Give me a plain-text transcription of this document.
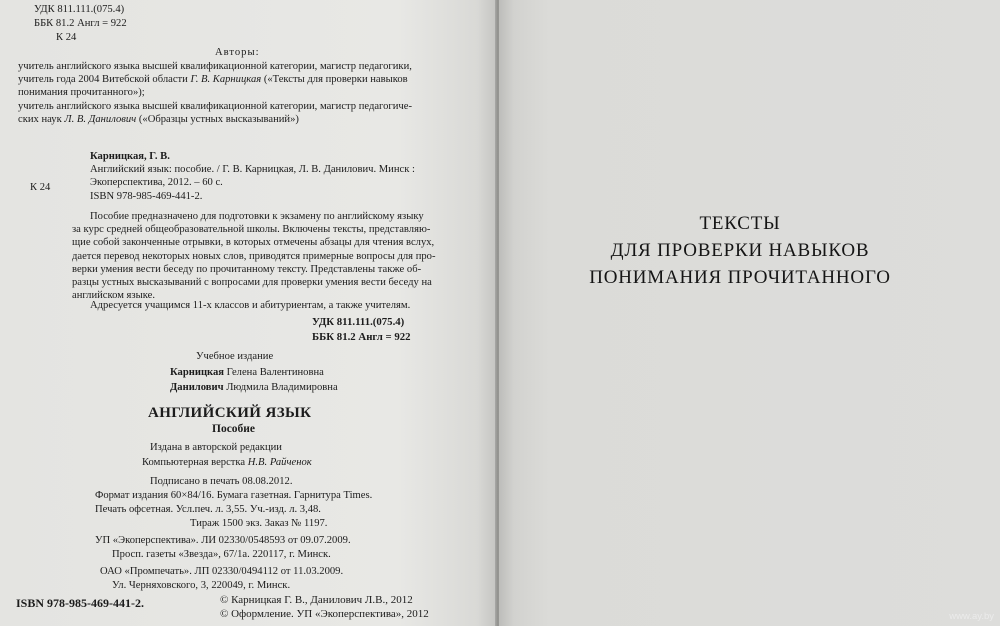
УДК 811.111.(075.4)
ББК 81.2 Англ = 922
К 24
Авторы:
учитель английского языка высшей квалификационной категории, магистр педагогики,
учитель года 2004 Витебской области Г. В. Карницкая («Тексты для проверки навыков
понимания прочитанного»);
учитель английского языка высшей квалификационной категории, магистр педагогиче-
ских наук Л. В. Данилович («Образцы устных высказываний»)
К 24
Карницкая, Г. В.
Английский язык: пособие. / Г. В. Карницкая, Л. В. Данилович. Минск :
Экоперспектива, 2012. – 60 с.
ISBN 978-985-469-441-2.
Пособие предназначено для подготовки к экзамену по английскому языку
за курс средней общеобразовательной школы. Включены тексты, представляю-
щие собой законченные отрывки, в которых отмечены абзацы для чтения вслух,
дается перевод некоторых новых слов, приводятся примерные вопросы для про-
верки умения вести беседу по прочитанному тексту. Представлены также об-
разцы устных высказываний с вопросами для проверки умения вести беседу на
английском языке.
Адресуется учащимся 11-х классов и абитуриентам, а также учителям.
УДК 811.111.(075.4)
ББК 81.2 Англ = 922
Учебное издание
Карницкая Гелена Валентиновна
Данилович Людмила Владимировна
АНГЛИЙСКИЙ ЯЗЫК
Пособие
Издана в авторской редакции
Компьютерная верстка Н.В. Райченок
Подписано в печать 08.08.2012.
Формат издания 60×84/16. Бумага газетная. Гарнитура Times.
Печать офсетная. Усл.печ. л. 3,55. Уч.-изд. л. 3,48.
Тираж 1500 экз. Заказ № 1197.
УП «Экоперспектива». ЛИ 02330/0548593 от 09.07.2009.
Просп. газеты «Звезда», 67/1а. 220117, г. Минск.
ОАО «Промпечать». ЛП 02330/0494112 от 11.03.2009.
Ул. Черняховского, 3, 220049, г. Минск.
ISBN 978-985-469-441-2.	© Карницкая Г. В., Данилович Л.В., 2012
© Оформление. УП «Экоперспектива», 2012
ТЕКСТЫ
ДЛЯ ПРОВЕРКИ НАВЫКОВ
ПОНИМАНИЯ ПРОЧИТАННОГО
www.ay.by
